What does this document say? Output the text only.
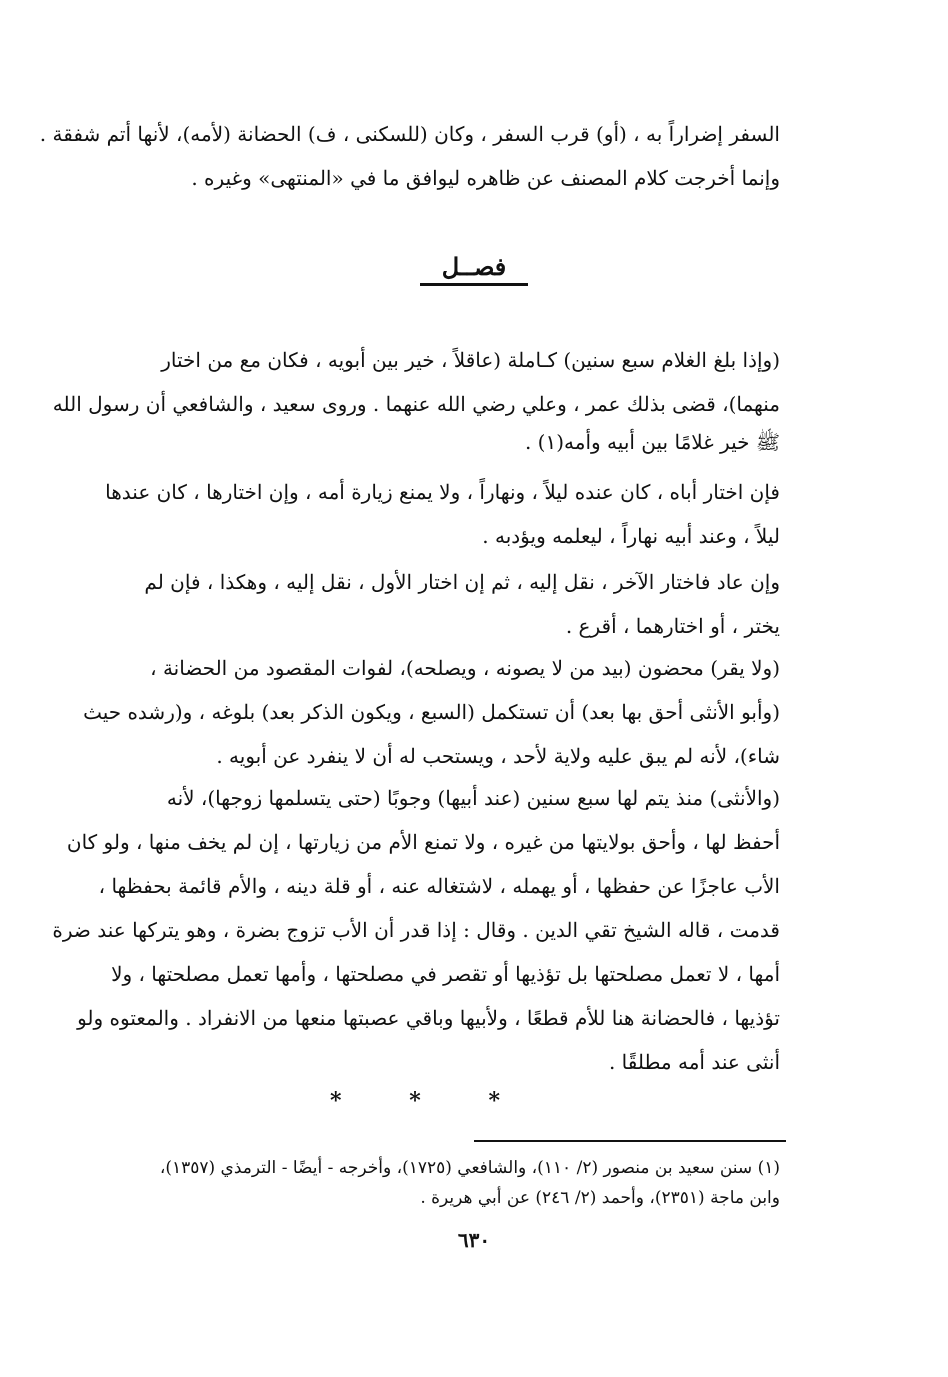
السفر إضراراً به ، (أو) قرب السفر ، وكان (للسكنى ، ف) الحضانة (لأمه)، لأنها أتم شفقة .
وإنما أخرجت كلام المصنف عن ظاهره ليوافق ما في «المنتهى» وغيره .
فصــل
(وإذا بلغ الغلام سبع سنين) كـاملة (عاقلاً ، خير بين أبويه ، فكان مع من اختار
منهما)، قضى بذلك عمر ، وعلي رضي الله عنهما . وروى سعيد ، والشافعي أن رسول الله
ﷺ خير غلامًا بين أبيه وأمه(١) .
فإن اختار أباه ، كان عنده ليلاً ، ونهاراً ، ولا يمنع زيارة أمه ، وإن اختارها ، كان عندها
ليلاً ، وعند أبيه نهاراً ، ليعلمه ويؤدبه .
وإن عاد فاختار الآخر ، نقل إليه ، ثم إن اختار الأول ، نقل إليه ، وهكذا ، فإن لم
يختر ، أو اختارهما ، أقرع .
(ولا يقر) محضون (بيد من لا يصونه ، ويصلحه)، لفوات المقصود من الحضانة ،
(وأبو الأنثى أحق بها بعد) أن تستكمل (السبع ، ويكون الذكر بعد) بلوغه ، و(رشده حيث
شاء)، لأنه لم يبق عليه ولاية لأحد ، ويستحب له أن لا ينفرد عن أبويه .
(والأنثى) منذ يتم لها سبع سنين (عند أبيها) وجوبًا (حتى يتسلمها زوجها)، لأنه
أحفظ لها ، وأحق بولايتها من غيره ، ولا تمنع الأم من زيارتها ، إن لم يخف منها ، ولو كان
الأب عاجزًا عن حفظها ، أو يهمله ، لاشتغاله عنه ، أو قلة دينه ، والأم قائمة بحفظها ،
قدمت ، قاله الشيخ تقي الدين . وقال : إذا قدر أن الأب تزوج بضرة ، وهو يتركها عند ضرة
أمها ، لا تعمل مصلحتها بل تؤذيها أو تقصر في مصلحتها ، وأمها تعمل مصلحتها ، ولا
تؤذيها ، فالحضانة هنا للأم قطعًا ، ولأبيها وباقي عصبتها منعها من الانفراد . والمعتوه ولو
أنثى عند أمه مطلقًا .
*	*	*
(١) سنن سعيد بن منصور (٢/ ١١٠)، والشافعي (١٧٢٥)، وأخرجه - أيضًا - الترمذي (١٣٥٧)،
وابن ماجة (٢٣٥١)، وأحمد (٢/ ٢٤٦) عن أبي هريرة .
٦٣٠
